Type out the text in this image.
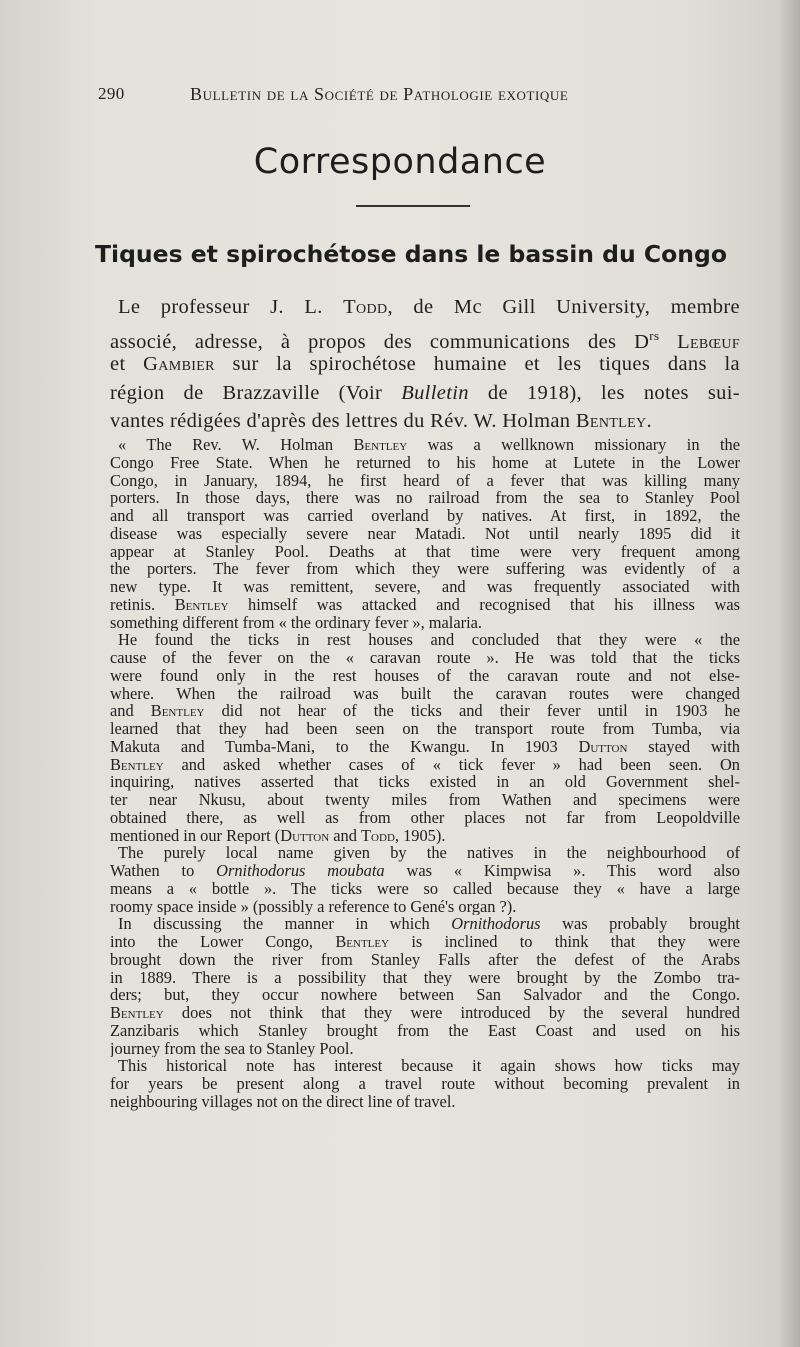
290	Bulletin de la Société de Pathologie exotique
Correspondance
Tiques et spirochétose dans le bassin du Congo
Le professeur J. L. Todd, de Mc Gill University, membre
associé, adresse, à propos des communications des $D^{rs}$ Lebœuf
et Gambier sur la spirochétose humaine et les tiques dans la
région de Brazzaville (Voir Bulletin de 1918), les notes sui-
vantes rédigées d'après des lettres du Rév. W. Holman Bentley.
« The Rev. W. Holman Bentley was a wellknown missionary in the
Congo Free State. When he returned to his home at Lutete in the Lower
Congo, in January, 1894, he first heard of a fever that was killing many
porters. In those days, there was no railroad from the sea to Stanley Pool
and all transport was carried overland by natives. At first, in 1892, the
disease was especially severe near Matadi. Not until nearly 1895 did it
appear at Stanley Pool. Deaths at that time were very frequent among
the porters. The fever from which they were suffering was evidently of a
new type. It was remittent, severe, and was frequently associated with
retinis. Bentley himself was attacked and recognised that his illness was
something different from « the ordinary fever », malaria.
He found the ticks in rest houses and concluded that they were « the
cause of the fever on the « caravan route ». He was told that the ticks
were found only in the rest houses of the caravan route and not else-
where. When the railroad was built the caravan routes were changed
and Bentley did not hear of the ticks and their fever until in 1903 he
learned that they had been seen on the transport route from Tumba, via
Makuta and Tumba-Mani, to the Kwangu. In 1903 Dutton stayed with
Bentley and asked whether cases of « tick fever » had been seen. On
inquiring, natives asserted that ticks existed in an old Government shel-
ter near Nkusu, about twenty miles from Wathen and specimens were
obtained there, as well as from other places not far from Leopoldville
mentioned in our Report (Dutton and Todd, 1905).
The purely local name given by the natives in the neighbourhood of
Wathen to Ornithodorus moubata was « Kimpwisa ». This word also
means a « bottle ». The ticks were so called because they « have a large
roomy space inside » (possibly a reference to Gené's organ ?).
In discussing the manner in which Ornithodorus was probably brought
into the Lower Congo, Bentley is inclined to think that they were
brought down the river from Stanley Falls after the defest of the Arabs
in 1889. There is a possibility that they were brought by the Zombo tra-
ders; but, they occur nowhere between San Salvador and the Congo.
Bentley does not think that they were introduced by the several hundred
Zanzibaris which Stanley brought from the East Coast and used on his
journey from the sea to Stanley Pool.
This historical note has interest because it again shows how ticks may
for years be present along a travel route without becoming prevalent in
neighbouring villages not on the direct line of travel.
